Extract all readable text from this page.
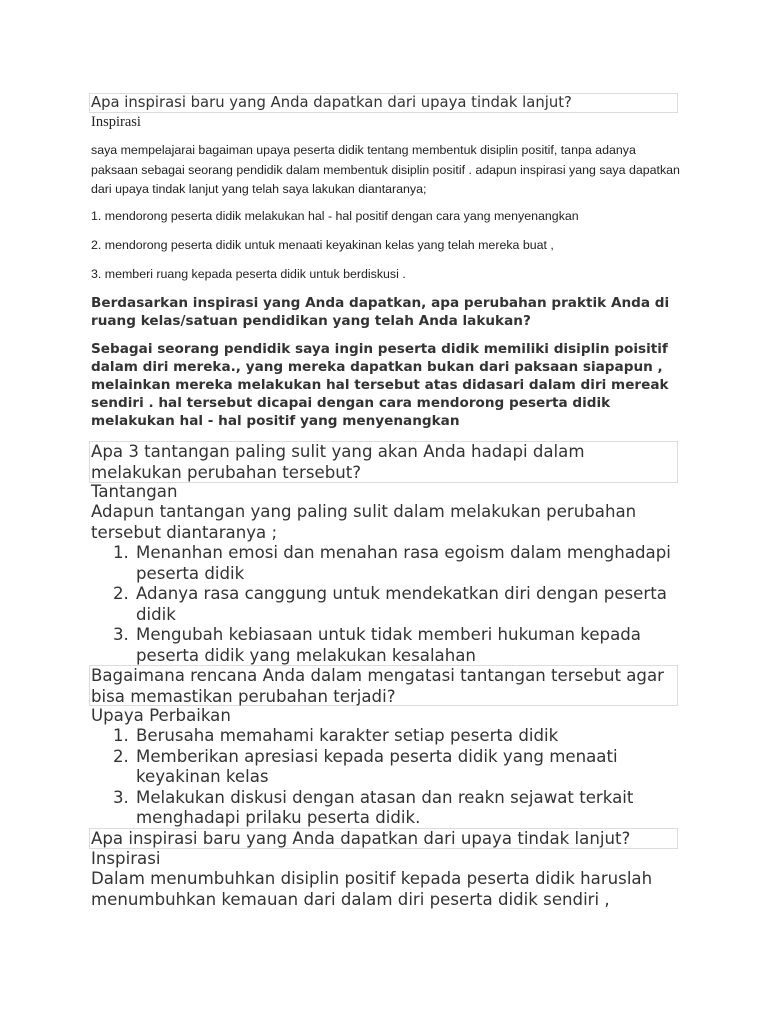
Apa inspirasi baru yang Anda dapatkan dari upaya tindak lanjut?
Inspirasi
saya mempelajarai bagaiman upaya peserta didik tentang membentuk disiplin positif, tanpa adanya paksaan sebagai seorang pendidik dalam membentuk disiplin positif . adapun inspirasi yang saya dapatkan dari upaya tindak lanjut yang telah saya lakukan diantaranya;
1. mendorong peserta didik melakukan hal - hal positif dengan cara yang menyenangkan
2. mendorong peserta didik untuk menaati keyakinan kelas yang telah mereka buat ,
3. memberi ruang kepada peserta didik untuk berdiskusi .
Berdasarkan inspirasi yang Anda dapatkan, apa perubahan praktik Anda di ruang kelas/satuan pendidikan yang telah Anda lakukan?
Sebagai seorang pendidik saya ingin peserta didik memiliki disiplin poisitif dalam diri mereka., yang mereka dapatkan bukan dari paksaan siapapun , melainkan mereka melakukan hal tersebut atas didasari dalam diri mereak sendiri . hal tersebut dicapai dengan cara mendorong peserta didik melakukan hal - hal positif yang menyenangkan
Apa 3 tantangan paling sulit yang akan Anda hadapi dalam melakukan perubahan tersebut?
Tantangan
Adapun tantangan yang paling sulit dalam melakukan perubahan tersebut diantaranya ;
1. Menanhan emosi dan menahan rasa egoism dalam menghadapi peserta didik
2. Adanya rasa canggung untuk mendekatkan diri dengan peserta didik
3. Mengubah kebiasaan untuk tidak memberi hukuman kepada peserta didik yang melakukan kesalahan
Bagaimana rencana Anda dalam mengatasi tantangan tersebut agar bisa memastikan perubahan terjadi?
Upaya Perbaikan
1. Berusaha memahami karakter setiap peserta didik
2. Memberikan apresiasi kepada peserta didik yang menaati keyakinan kelas
3. Melakukan diskusi dengan atasan dan reakn sejawat terkait menghadapi prilaku peserta didik.
Apa inspirasi baru yang Anda dapatkan dari upaya tindak lanjut?
Inspirasi
Dalam menumbuhkan disiplin positif kepada peserta didik haruslah menumbuhkan kemauan dari dalam diri peserta didik sendiri ,
